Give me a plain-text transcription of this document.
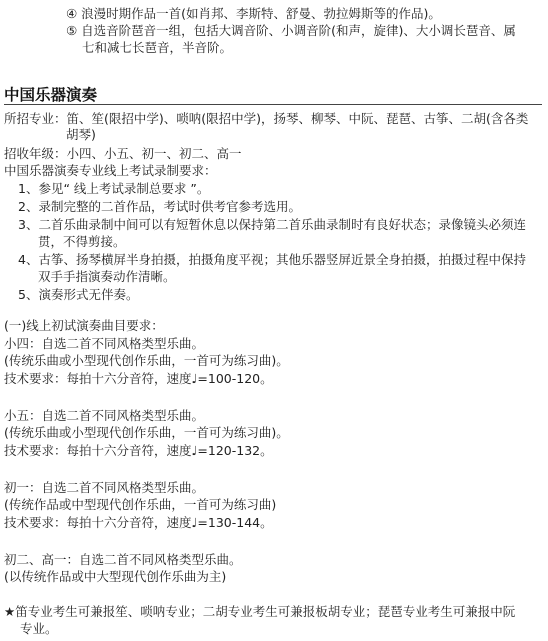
④ 浪漫时期作品一首(如肖邦、李斯特、舒曼、勃拉姆斯等的作品)。
⑤ 自选音阶琶音一组，包括大调音阶、小调音阶(和声，旋律)、大小调长琶音、属
七和减七长琶音，半音阶。
中国乐器演奏
所招专业：笛、笙(限招中学)、唢呐(限招中学)，扬琴、柳琴、中阮、琵琶、古筝、二胡(含各类
胡琴)
招收年级：小四、小五、初一、初二、高一
中国乐器演奏专业线上考试录制要求：
1、参见“ 线上考试录制总要求 ”。
2、录制完整的二首作品，考试时供考官参考选用。
3、二首乐曲录制中间可以有短暂休息以保持第二首乐曲录制时有良好状态；录像镜头必须连
贯，不得剪接。
4、古筝、扬琴横屏半身拍摄，拍摄角度平视；其他乐器竖屏近景全身拍摄，拍摄过程中保持
双手手指演奏动作清晰。
5、演奏形式无伴奏。
(一)线上初试演奏曲目要求：
小四：自选二首不同风格类型乐曲。
(传统乐曲或小型现代创作乐曲，一首可为练习曲)。
技术要求：每拍十六分音符，速度♩=100-120。
小五：自选二首不同风格类型乐曲。
(传统乐曲或小型现代创作乐曲，一首可为练习曲)。
技术要求：每拍十六分音符，速度♩=120-132。
初一：自选二首不同风格类型乐曲。
(传统作品或中型现代创作乐曲，一首可为练习曲)
技术要求：每拍十六分音符，速度♩=130-144。
初二、高一：自选二首不同风格类型乐曲。
(以传统作品或中大型现代创作乐曲为主)
★笛专业考生可兼报笙、唢呐专业；二胡专业考生可兼报板胡专业；琵琶专业考生可兼报中阮
专业。
